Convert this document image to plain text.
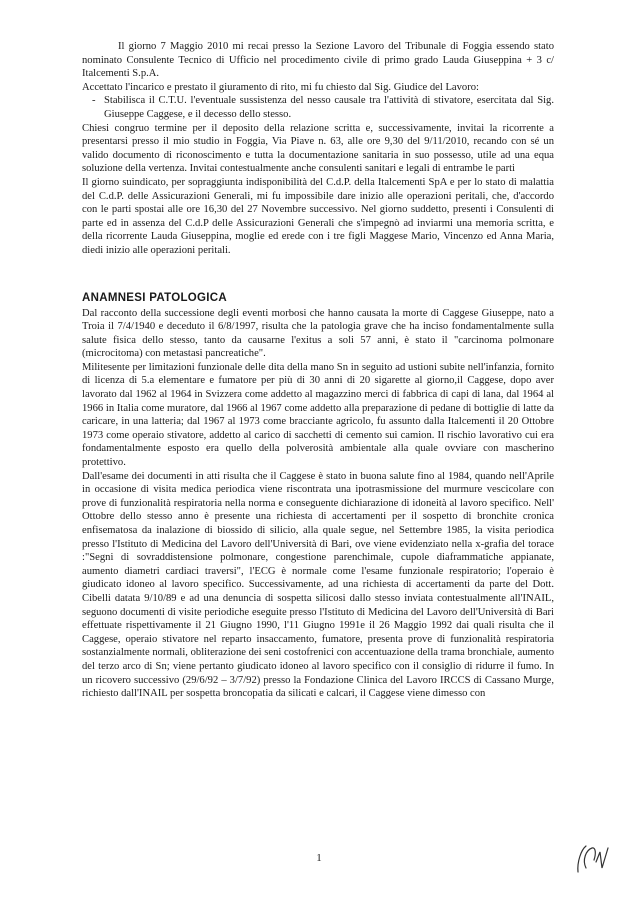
Il giorno 7 Maggio 2010 mi recai presso la Sezione Lavoro del Tribunale di Foggia essendo stato nominato Consulente Tecnico di Ufficio nel procedimento civile di primo grado Lauda Giuseppina + 3 c/ Italcementi S.p.A.

Accettato l'incarico e prestato il giuramento di rito, mi fu chiesto dal Sig. Giudice del Lavoro:

- Stabilisca il C.T.U. l'eventuale sussistenza del nesso causale tra l'attività di stivatore, esercitata dal Sig. Giuseppe Caggese, e il decesso dello stesso.

Chiesi congruo termine per il deposito della relazione scritta e, successivamente, invitai la ricorrente a presentarsi presso il mio studio in Foggia, Via Piave n. 63, alle ore 9,30 del 9/11/2010, recando con sé un valido documento di riconoscimento e tutta la documentazione sanitaria in suo possesso, utile ad una equa soluzione della vertenza. Invitai contestualmente anche consulenti sanitari e legali di entrambe le parti

Il giorno suindicato, per sopraggiunta indisponibilità del C.d.P. della Italcementi SpA e per lo stato di malattia del C.d.P. delle Assicurazioni Generali, mi fu impossibile dare inizio alle operazioni peritali, che, d'accordo con le parti spostai alle ore 16,30 del 27 Novembre successivo. Nel giorno suddetto, presenti i Consulenti di parte ed in assenza del C.d.P delle Assicurazioni Generali che s'impegnò ad inviarmi una memoria scritta, e della ricorrente Lauda Giuseppina, moglie ed erede con i tre figli Maggese Mario, Vincenzo ed Anna Maria, diedi inizio alle operazioni peritali.

ANAMNESI PATOLOGICA

Dal racconto della successione degli eventi morbosi che hanno causata la morte di Caggese Giuseppe, nato a Troia il 7/4/1940 e deceduto il 6/8/1997, risulta che la patologia grave che ha inciso fondamentalmente sulla salute fisica dello stesso, tanto da causarne l'exitus a soli 57 anni, è stato il "carcinoma polmonare (microcitoma) con metastasi pancreatiche".

Militesente per limitazioni funzionale delle dita della mano Sn in seguito ad ustioni subite nell'infanzia, fornito di licenza di 5.a elementare e fumatore per più di 30 anni di 20 sigarette al giorno,il Caggese, dopo aver lavorato dal 1962 al 1964 in Svizzera come addetto al magazzino merci di fabbrica di capi di lana, dal 1964 al 1966 in Italia come muratore, dal 1966 al 1967 come addetto alla preparazione di pedane di bottiglie di latte da caricare, in una latteria; dal 1967 al 1973 come bracciante agricolo, fu assunto dalla Italcementi il 20 Ottobre 1973 come operaio stivatore, addetto al carico di sacchetti di cemento sui camion. Il rischio lavorativo cui era fondamentalmente esposto era quello della polverosità ambientale alla quale ovviare con mascherino protettivo.

Dall'esame dei documenti in atti risulta che il Caggese è stato in buona salute fino al 1984, quando nell'Aprile in occasione di visita medica periodica viene riscontrata una ipotrasmissione del murmure vescicolare con prove di funzionalità respiratoria nella norma e conseguente dichiarazione di idoneità al lavoro specifico. Nell' Ottobre dello stesso anno è presente una richiesta di accertamenti per il sospetto di bronchite cronica enfisematosa da inalazione di biossido di silicio, alla quale segue, nel Settembre 1985, la visita periodica presso l'Istituto di Medicina del Lavoro dell'Università di Bari, ove viene evidenziato nella x-grafia del torace :"Segni di sovraddistensione polmonare, congestione parenchimale, cupole diaframmatiche appianate, aumento diametri cardiaci traversi", l'ECG è normale come l'esame funzionale respiratorio; l'operaio è giudicato idoneo al lavoro specifico. Successivamente, ad una richiesta di accertamenti da parte del Dott. Cibelli datata 9/10/89 e ad una denuncia di sospetta silicosi dallo stesso inviata contestualmente all'INAIL, seguono documenti di visite periodiche eseguite presso l'Istituto di Medicina del Lavoro dell'Università di Bari effettuate rispettivamente il 21 Giugno 1990, l'11 Giugno 1991e il 26 Maggio 1992 dai quali risulta che il Caggese, operaio stivatore nel reparto insaccamento, fumatore, presenta prove di funzionalità respiratoria sostanzialmente normali, obliterazione dei seni costofrenici con accentuazione della trama bronchiale, aumento del terzo arco di Sn; viene pertanto giudicato idoneo al lavoro specifico con il consiglio di ridurre il fumo. In un ricovero successivo (29/6/92 – 3/7/92) presso la Fondazione Clinica del Lavoro IRCCS di Cassano Murge, richiesto dall'INAIL per sospetta broncopatia da silicati e calcari, il Caggese viene dimesso con

1
